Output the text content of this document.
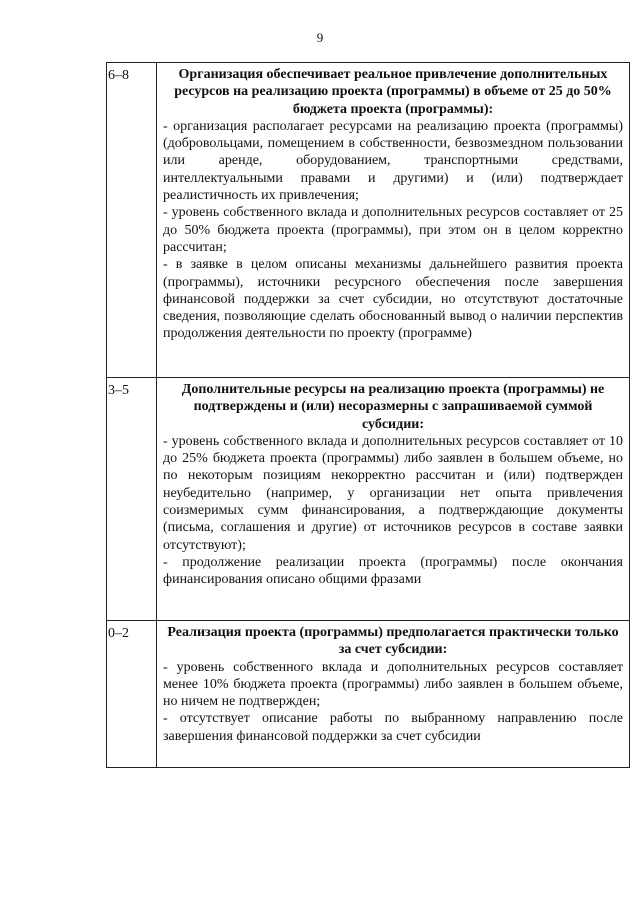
9
6–8	Организация обеспечивает реальное привлечение дополнительных ресурсов на реализацию проекта (программы) в объеме от 25 до 50% бюджета проекта (программы):
- организация располагает ресурсами на реализацию проекта (программы) (добровольцами, помещением в собственности, безвозмездном пользовании или аренде, оборудованием, транспортными средствами, интеллектуальными правами и другими) и (или) подтверждает реалистичность их привлечения;
- уровень собственного вклада и дополнительных ресурсов составляет от 25 до 50% бюджета проекта (программы), при этом он в целом корректно рассчитан;
- в заявке в целом описаны механизмы дальнейшего развития проекта (программы), источники ресурсного обеспечения после завершения финансовой поддержки за счет субсидии, но отсутствуют достаточные сведения, позволяющие сделать обоснованный вывод о наличии перспектив продолжения деятельности по проекту (программе)

3–5	Дополнительные ресурсы на реализацию проекта (программы) не подтверждены и (или) несоразмерны с запрашиваемой суммой субсидии:
- уровень собственного вклада и дополнительных ресурсов составляет от 10 до 25% бюджета проекта (программы) либо заявлен в большем объеме, но по некоторым позициям некорректно рассчитан и (или) подтвержден неубедительно (например, у организации нет опыта привлечения соизмеримых сумм финансирования, а подтверждающие документы (письма, соглашения и другие) от источников ресурсов в составе заявки отсутствуют);
- продолжение реализации проекта (программы) после окончания финансирования описано общими фразами

0–2	Реализация проекта (программы) предполагается практически только за счет субсидии:
- уровень собственного вклада и дополнительных ресурсов составляет менее 10% бюджета проекта (программы) либо заявлен в большем объеме, но ничем не подтвержден;
- отсутствует описание работы по выбранному направлению после завершения финансовой поддержки за счет субсидии
